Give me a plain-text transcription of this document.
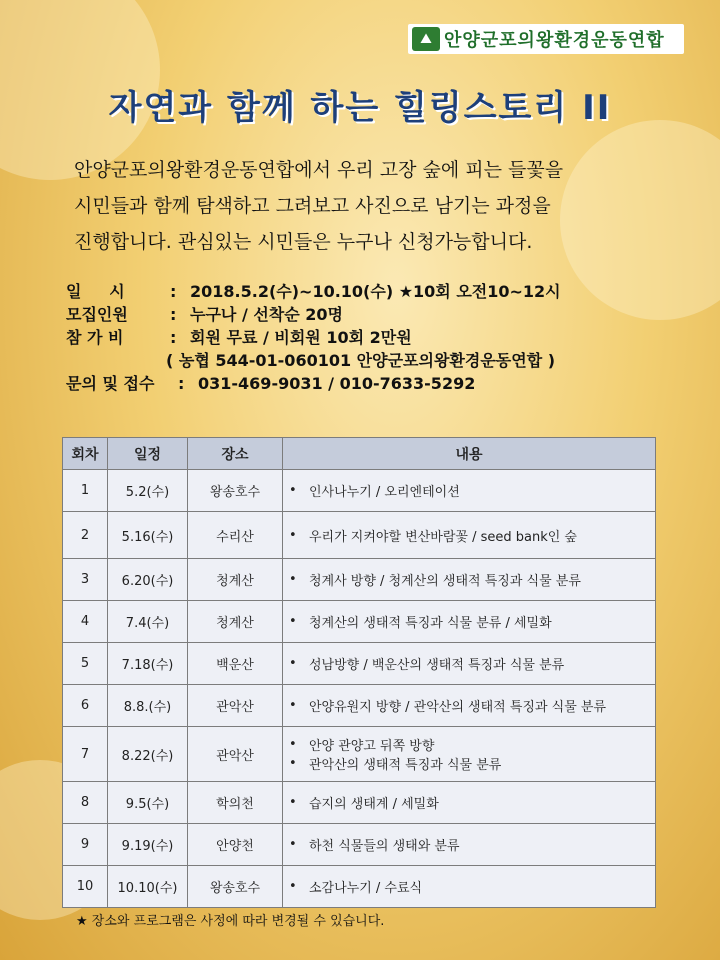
⛰ 안양군포의왕환경운동연합
자연과 함께 하는 힐링스토리 II
안양군포의왕환경운동연합에서 우리 고장 숲에 피는 들꽃을
시민들과 함께 탐색하고 그려보고 사진으로 남기는 과정을
진행합니다. 관심있는 시민들은 누구나 신청가능합니다.
일     시	: 2018.5.2(수)~10.10(수) ★10회 오전10~12시
모집인원	: 누구나 / 선착순 20명
참 가 비	: 회원 무료 / 비회원 10회 2만원
( 농협 544-01-060101 안양군포의왕환경운동연합 )
문의 및 접수	: 031-469-9031 / 010-7633-5292
회차	일정	장소	내용
1	5.2(수)	왕송호수	• 인사나누기 / 오리엔테이션

2	5.16(수)	수리산	• 우리가 지켜야할 변산바람꽃 / seed bank인 숲

3	6.20(수)	청계산	• 청계사 방향 / 청계산의 생태적 특징과 식물 분류

4	7.4(수)	청계산	• 청계산의 생태적 특징과 식물 분류 / 세밀화

5	7.18(수)	백운산	• 성남방향 / 백운산의 생태적 특징과 식물 분류

6	8.8.(수)	관악산	• 안양유원지 방향 / 관악산의 생태적 특징과 식물 분류

7	8.22(수)	관악산	• 안양 관양고 뒤쪽 방향
• 관악산의 생태적 특징과 식물 분류

8	9.5(수)	학의천	• 습지의 생태계 / 세밀화

9	9.19(수)	안양천	• 하천 식물들의 생태와 분류

10	10.10(수)	왕송호수	• 소감나누기 / 수료식
★ 장소와 프로그램은 사정에 따라 변경될 수 있습니다.
